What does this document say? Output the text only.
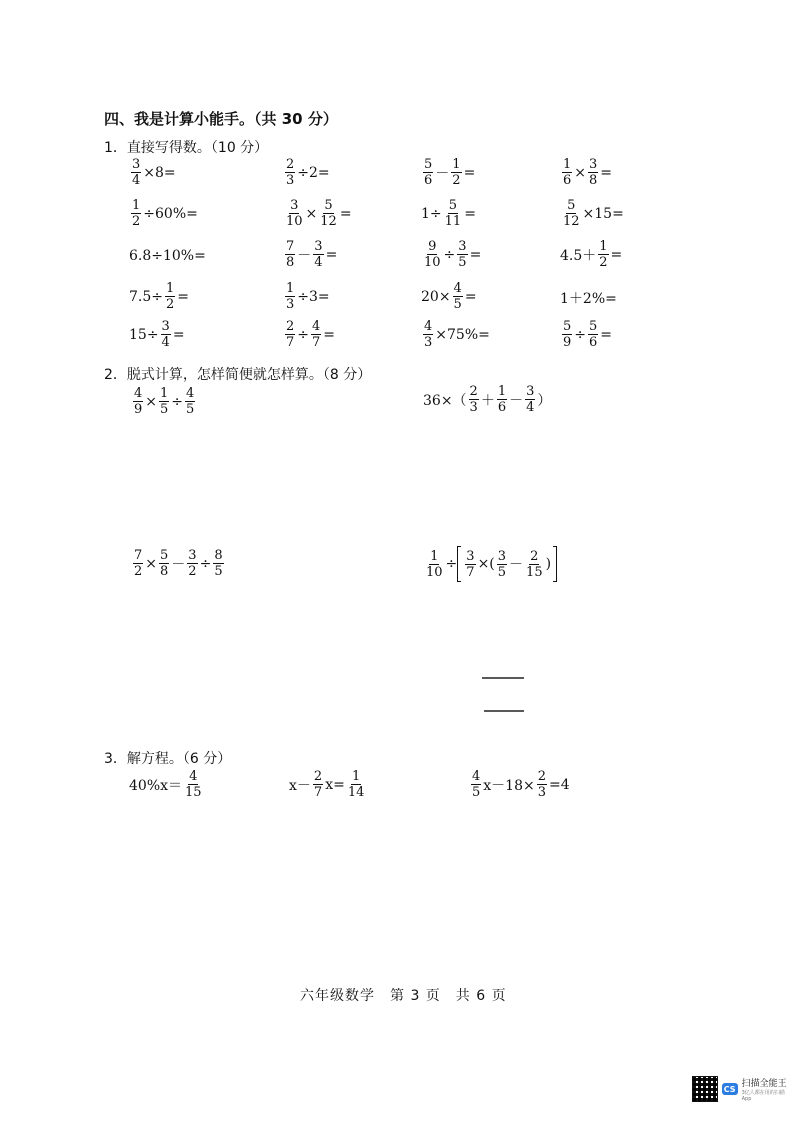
四、我是计算小能手。（共 30 分）
1．直接写得数。（10 分）
$\frac{3}{4} \times 8=$	$\frac{2}{3} \div 2=$	$\frac{5}{6} - \frac{1}{2}$ =	$\frac{1}{6} \times \frac{3}{8}$ =
$\frac{1}{2} \div 60\%=$	$\frac{3}{10} \times \frac{5}{12}$ =	$1\div \frac{5}{11}$ =	$\frac{5}{12} \times 15=$
6.8÷10%=	$\frac{7}{8} - \frac{3}{4}$ =	$\frac{9}{10} \div \frac{3}{5}$ =	$4.5+ \frac{1}{2}$ =
$7.5\div \frac{1}{2}$ =	$\frac{1}{3} \div 3=$	$20\times \frac{4}{5}$ =	1＋2%=
$15\div \frac{3}{4}$ =	$\frac{2}{7} \div \frac{4}{7}$ =	$\frac{4}{3} \times 75\%=$	$\frac{5}{9} \div \frac{5}{6}$ =
2．脱式计算，怎样简便就怎样算。（8 分）
$\frac{4}{9} \times \frac{1}{5} \div \frac{4}{5}$	$36\times( \frac{2}{3} + \frac{1}{6} - \frac{3}{4}$ ）
$\frac{7}{2} \times \frac{5}{8} - \frac{3}{2} \div \frac{8}{5}$	$\frac{1}{10} \div \frac{3}{7}$ ×( $\frac{3}{5} - \frac{2}{15}$ )
3．解方程。（6 分）
$40\%x= \frac{4}{15}$	$x- \frac{2}{7} x= \frac{1}{14}$	$\frac{4}{5} x-18\times \frac{2}{3} =4$
六年级数学　第 3 页　共 6 页
CS 扫描全能王
3亿人都在用的扫描App
